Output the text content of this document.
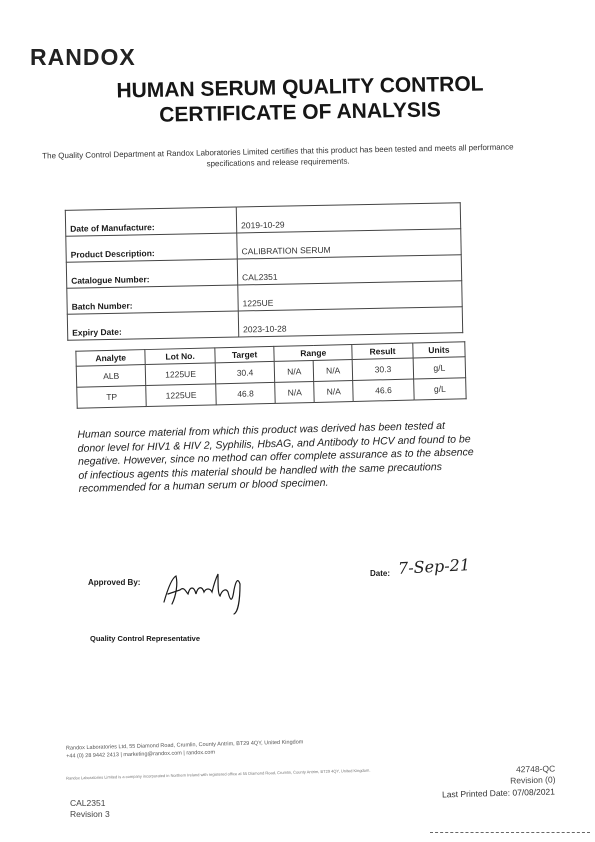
RANDOX
HUMAN SERUM QUALITY CONTROL
CERTIFICATE OF ANALYSIS
The Quality Control Department at Randox Laboratories Limited certifies that this product has been tested and meets all performance specifications and release requirements.
Date of Manufacture:	2019-10-29
Product Description:	CALIBRATION SERUM
Catalogue Number:	CAL2351
Batch Number:	1225UE
Expiry Date:	2023-10-28
Analyte	Lot No.	Target	Range		Result	Units
ALB	1225UE	30.4	N/A	N/A	30.3	g/L
TP	1225UE	46.8	N/A	N/A	46.6	g/L
Human source material from which this product was derived has been tested at donor level for HIV1 & HIV 2, Syphilis, HbsAG, and Antibody to HCV and found to be negative. However, since no method can offer complete assurance as to the absence of infectious agents this material should be handled with the same precautions recommended for a human serum or blood specimen.
Approved By:
Date: 7-Sep-21
Quality Control Representative
Randox Laboratories Ltd, 55 Diamond Road, Crumlin, County Antrim, BT29 4QY, United Kingdom
+44 (0) 28 9442 2413 | marketing@randox.com | randox.com
Randox Laboratories Limited is a company incorporated in Northern Ireland with registered office at 55 Diamond Road, Crumlin, County Antrim, BT29 4QY, United Kingdom.	42748-QC
Revision (0)
Last Printed Date: 07/08/2021
CAL2351
Revision 3
